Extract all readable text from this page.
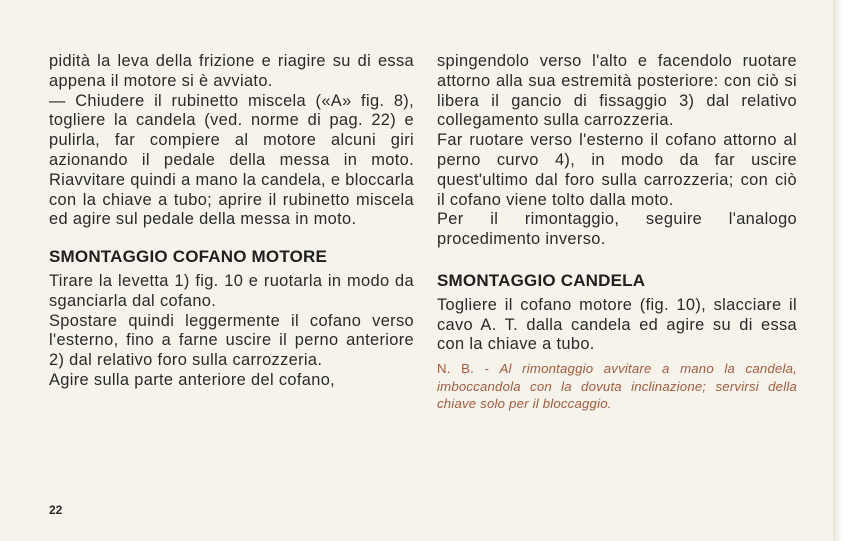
pidità la leva della frizione e riagire su di essa appena il motore si è avviato.

— Chiudere il rubinetto miscela («A» fig. 8), togliere la candela (ved. norme di pag. 22) e pulirla, far compiere al motore alcuni giri azionando il pedale della messa in moto. Riavvitare quindi a mano la candela, e bloccarla con la chiave a tubo; aprire il rubinetto miscela ed agire sul pedale della messa in moto.

SMONTAGGIO COFANO MOTORE

Tirare la levetta 1) fig. 10 e ruotarla in modo da sganciarla dal cofano.

Spostare quindi leggermente il cofano verso l'esterno, fino a farne uscire il perno anteriore 2) dal relativo foro sulla carrozzeria.

Agire sulla parte anteriore del cofano,

spingendolo verso l'alto e facendolo ruotare attorno alla sua estremità posteriore: con ciò si libera il gancio di fissaggio 3) dal relativo collegamento sulla carrozzeria.

Far ruotare verso l'esterno il cofano attorno al perno curvo 4), in modo da far uscire quest'ultimo dal foro sulla carrozzeria; con ciò il cofano viene tolto dalla moto.

Per il rimontaggio, seguire l'analogo procedimento inverso.

SMONTAGGIO CANDELA

Togliere il cofano motore (fig. 10), slacciare il cavo A. T. dalla candela ed agire su di essa con la chiave a tubo.

N. B. - Al rimontaggio avvitare a mano la candela, imboccandola con la dovuta inclinazione; servirsi della chiave solo per il bloccaggio.
22
